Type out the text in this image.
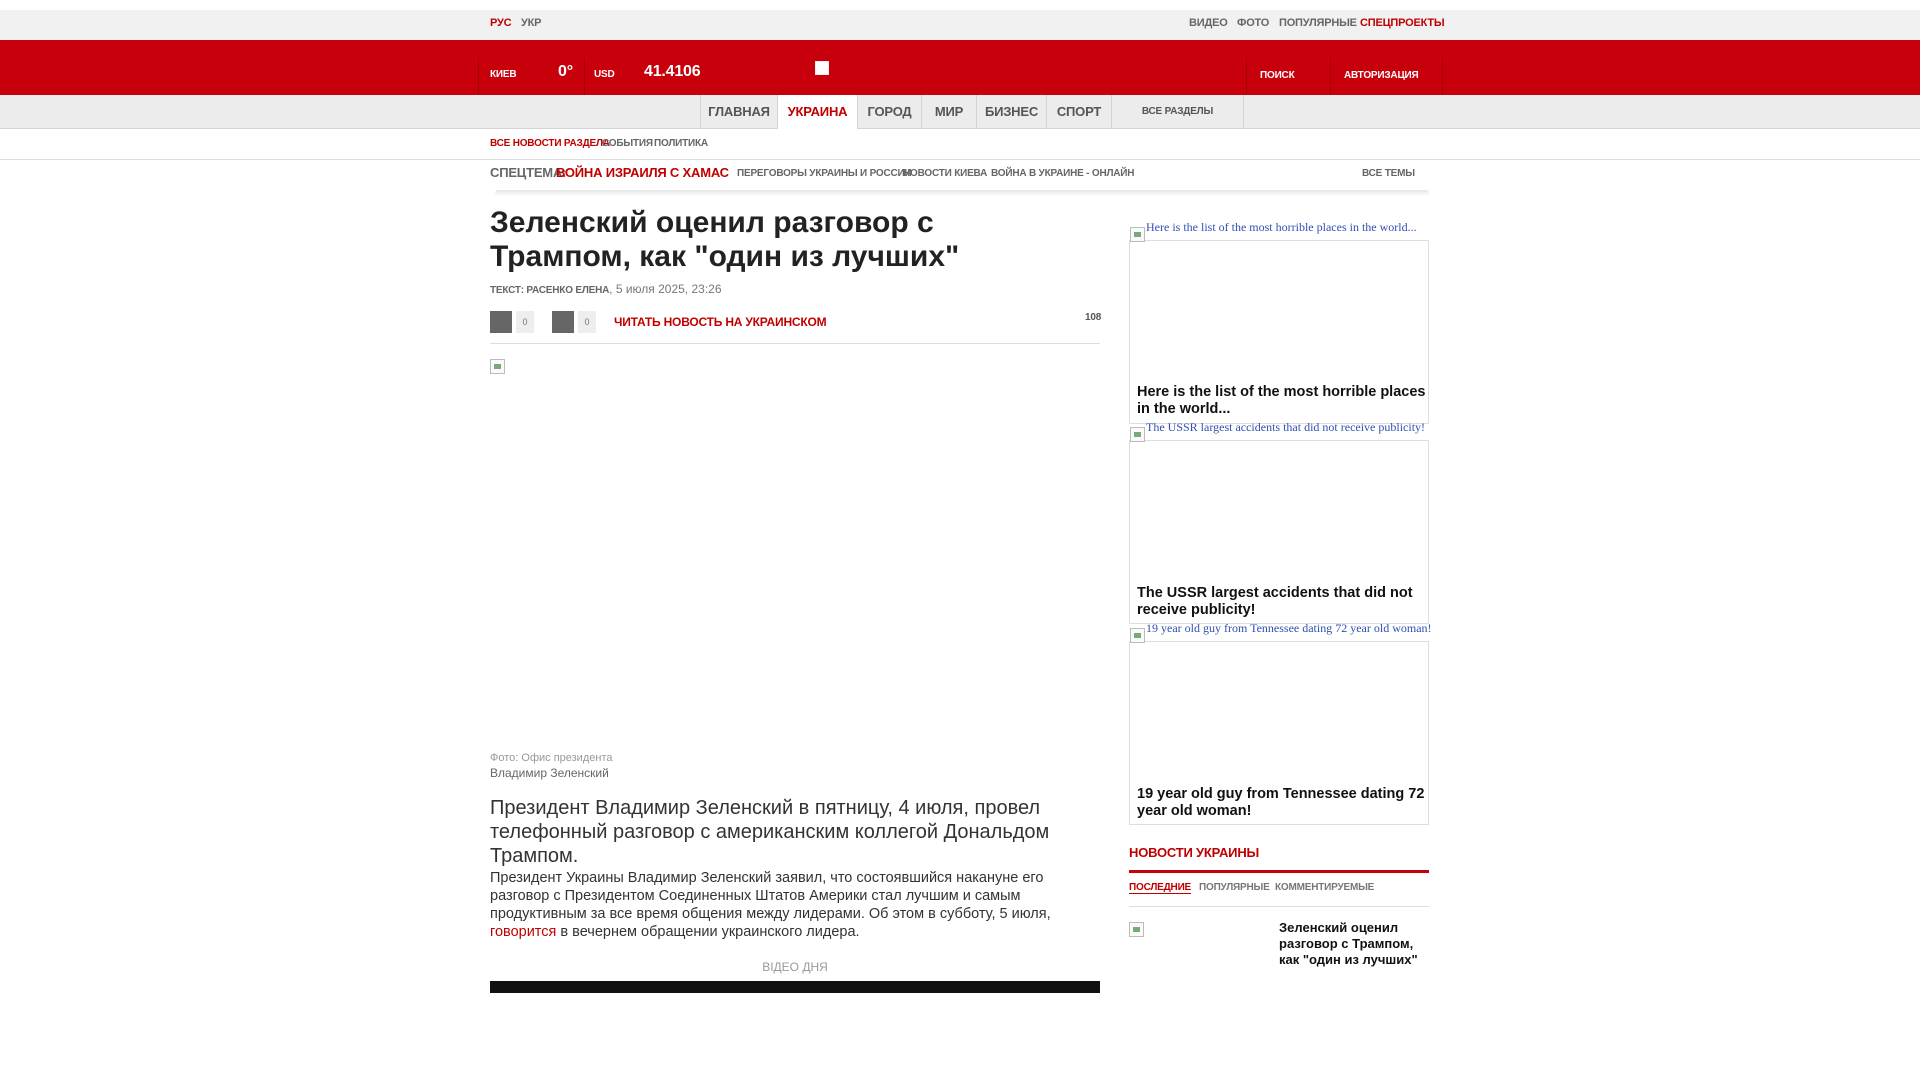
РУС УКР	ВИДЕО ФОТО ПОПУЛЯРНЫЕ СПЕЦПРОЕКТЫ
КИЕВ	0° USD 41.4106	ПОИСК	АВТОРИЗАЦИЯ
ГЛАВНАЯ	УКРАИНА	ГОРОД	МИР	БИЗНЕС	СПОРТ	ВСЕ РАЗДЕЛЫ
ВСЕ НОВОСТИ РАЗДЕЛА
СОБЫТИЯ ПОЛИТИКА
СПЕЦТЕМА:
ВОЙНА ИЗРАИЛЯ С ХАМАС ПЕРЕГОВОРЫ УКРАИНЫ И РОССИИ
НОВОСТИ КИЕВА ВОЙНА В УКРАИНЕ - ОНЛАЙН	ВСЕ ТЕМЫ
Зеленский оценил разговор с Трампом, как "один из лучших"
ТЕКСТ: РАСЕНКО ЕЛЕНА, 5 июля 2025, 23:26
0	0	ЧИТАТЬ НОВОСТЬ НА УКРАИНСКОМ	108
Фото: Офис президента
Владимир Зеленский

Президент Владимир Зеленский в пятницу, 4 июля, провел телефонный разговор с американским коллегой Дональдом Трампом.

Президент Украины Владимир Зеленский заявил, что состоявшийся накануне его разговор с Президентом Соединенных Штатов Америки стал лучшим и самым продуктивным за все время общения между лидерами. Об этом в субботу, 5 июля, говорится в вечернем обращении украинского лидера.

ВІДЕО ДНЯ
Here is the list of the most horrible places in the world...
Here is the list of the most horrible places in the world...
The USSR largest accidents that did not receive publicity!
The USSR largest accidents that did not receive publicity!
19 year old guy from Tennessee dating 72 year old woman!
19 year old guy from Tennessee dating 72 year old woman!
НОВОСТИ УКРАИНЫ
ПОСЛЕДНИЕ ПОПУЛЯРНЫЕ КОММЕНТИРУЕМЫЕ
Зеленский оценил разговор с Трампом, как "один из лучших"
